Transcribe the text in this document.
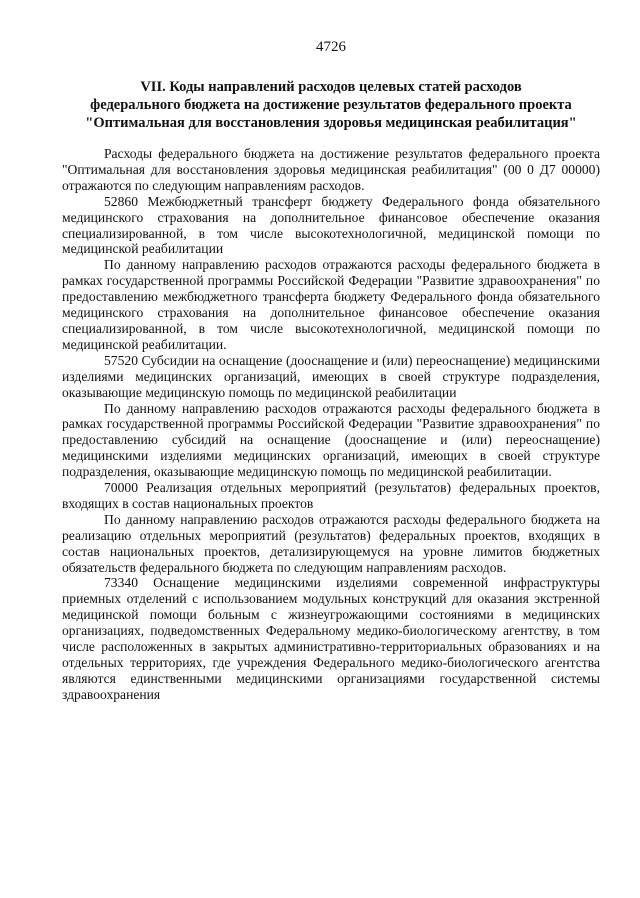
4726
VII. Коды направлений расходов целевых статей расходов
федерального бюджета на достижение результатов федерального проекта
"Оптимальная для восстановления здоровья медицинская реабилитация"

Расходы федерального бюджета на достижение результатов федерального проекта "Оптимальная для восстановления здоровья медицинская реабилитация" (00 0 Д7 00000) отражаются по следующим направлениям расходов.

52860 Межбюджетный трансферт бюджету Федерального фонда обязательного медицинского страхования на дополнительное финансовое обеспечение оказания специализированной, в том числе высокотехнологичной, медицинской помощи по медицинской реабилитации

По данному направлению расходов отражаются расходы федерального бюджета в рамках государственной программы Российской Федерации "Развитие здравоохранения" по предоставлению межбюджетного трансферта бюджету Федерального фонда обязательного медицинского страхования на дополнительное финансовое обеспечение оказания специализированной, в том числе высокотехнологичной, медицинской помощи по медицинской реабилитации.

57520 Субсидии на оснащение (дооснащение и (или) переоснащение) медицинскими изделиями медицинских организаций, имеющих в своей структуре подразделения, оказывающие медицинскую помощь по медицинской реабилитации

По данному направлению расходов отражаются расходы федерального бюджета в рамках государственной программы Российской Федерации "Развитие здравоохранения" по предоставлению субсидий на оснащение (дооснащение и (или) переоснащение) медицинскими изделиями медицинских организаций, имеющих в своей структуре подразделения, оказывающие медицинскую помощь по медицинской реабилитации.

70000 Реализация отдельных мероприятий (результатов) федеральных проектов, входящих в состав национальных проектов

По данному направлению расходов отражаются расходы федерального бюджета на реализацию отдельных мероприятий (результатов) федеральных проектов, входящих в состав национальных проектов, детализирующемуся на уровне лимитов бюджетных обязательств федерального бюджета по следующим направлениям расходов.

73340 Оснащение медицинскими изделиями современной инфраструктуры приемных отделений с использованием модульных конструкций для оказания экстренной медицинской помощи больным с жизнеугрожающими состояниями в медицинских организациях, подведомственных Федеральному медико-биологическому агентству, в том числе расположенных в закрытых административно-территориальных образованиях и на отдельных территориях, где учреждения Федерального медико-биологического агентства являются единственными медицинскими организациями государственной системы здравоохранения
